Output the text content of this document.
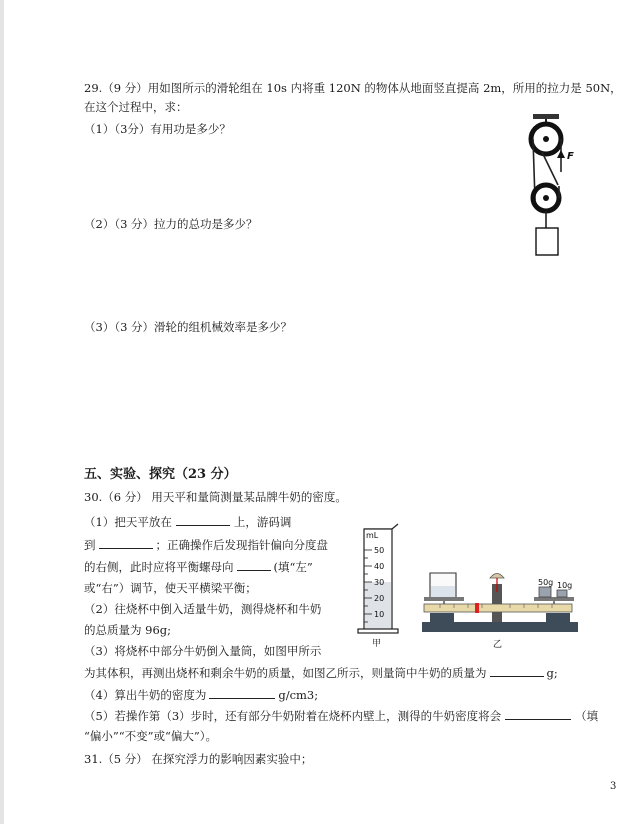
29.（9 分）用如图所示的滑轮组在 10s 内将重 120N 的物体从地面竖直提高 2m，所用的拉力是 50N，
在这个过程中，求：
（1）（3分）有用功是多少？
（2）（3 分）拉力的总功是多少？
（3）（3 分）滑轮的组机械效率是多少？
F
五、实验、探究（23 分）
30.（6 分） 用天平和量筒测量某品牌牛奶的密度。
（1）把天平放在	上，游码调
到	；正确操作后发现指针偏向分度盘
的右侧，此时应将平衡螺母向	(填“左”
或“右”）调节，使天平横梁平衡；
（2）往烧杯中倒入适量牛奶，测得烧杯和牛奶
的总质量为 96g;
（3）将烧杯中部分牛奶倒入量筒，如图甲所示
为其体积，再测出烧杯和剩余牛奶的质量，如图乙所示，则量筒中牛奶的质量为	g;
（4）算出牛奶的密度为	g/cm3;
（5）若操作第（3）步时，还有部分牛奶附着在烧杯内壁上，测得的牛奶密度将会	（填
“偏小”“不变”或“偏大”）。
mL
50
40
30
20
10
甲
50g 10g
乙
31.（5 分） 在探究浮力的影响因素实验中；
3
